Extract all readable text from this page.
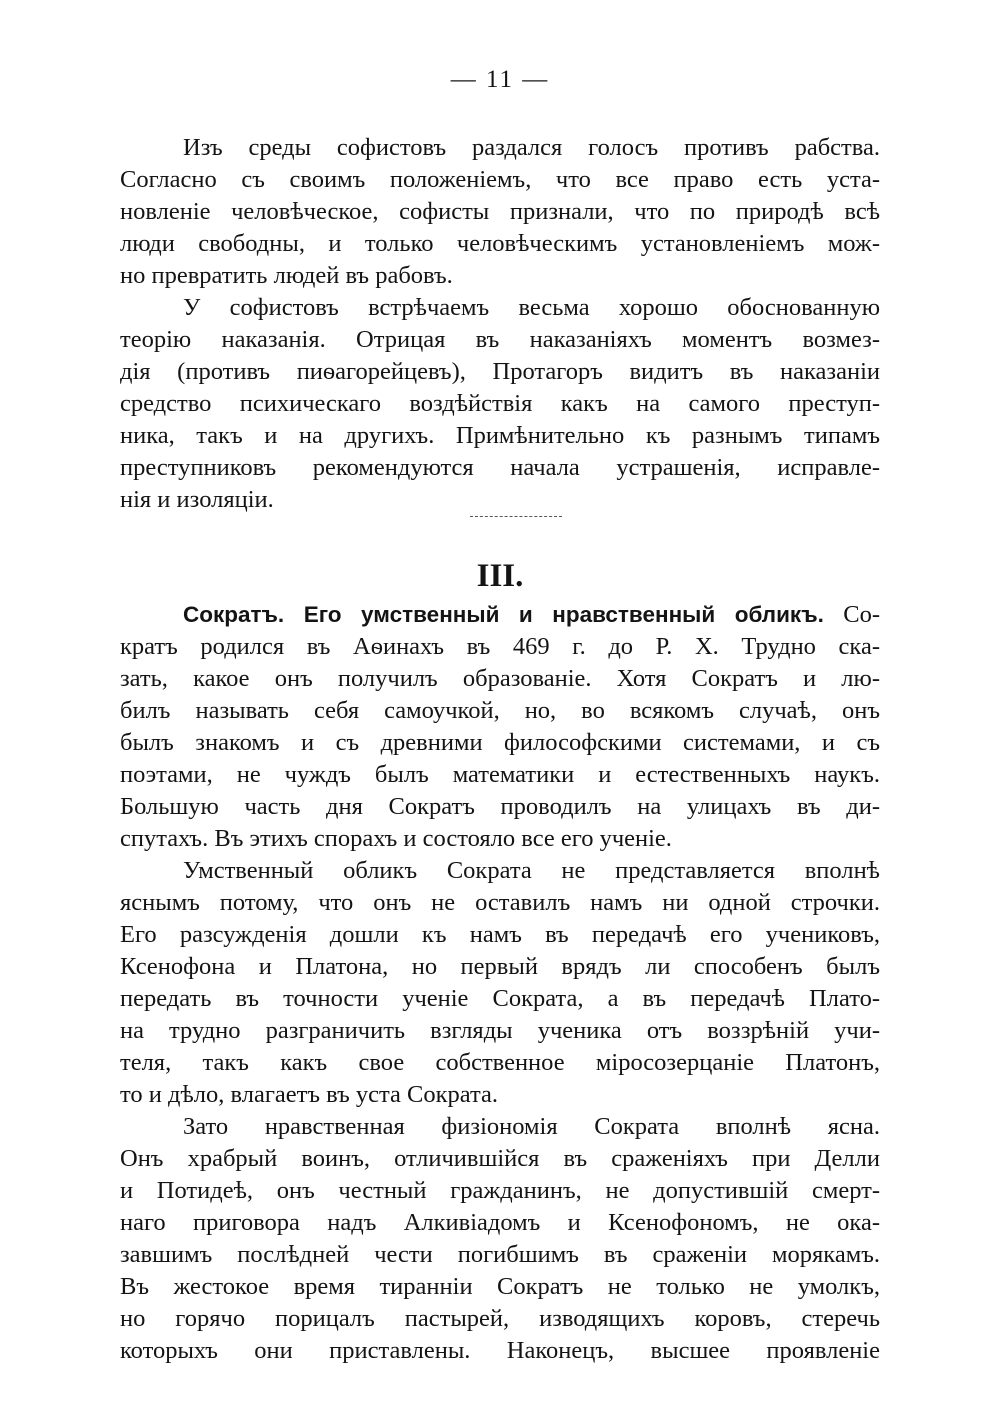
— 11 —
Изъ среды софистовъ раздался голосъ противъ рабства.
Согласно съ своимъ положеніемъ, что все право есть уста-
новленіе человѣческое, софисты признали, что по природѣ всѣ
люди свободны, и только человѣческимъ установленіемъ мож-
но превратить людей въ рабовъ.
У софистовъ встрѣчаемъ весьма хорошо обоснованную
теорію наказанія. Отрицая въ наказаніяхъ моментъ возмез-
дія (противъ пиѳагорейцевъ), Протагоръ видитъ въ наказаніи
средство психическаго воздѣйствія какъ на самого преступ-
ника, такъ и на другихъ. Примѣнительно къ разнымъ типамъ
преступниковъ рекомендуются начала устрашенія, исправле-
нія и изоляціи.
III.
Сократъ. Его умственный и нравственный обликъ. Со-
кратъ родился въ Аѳинахъ въ 469 г. до Р. Х. Трудно ска-
зать, какое онъ получилъ образованіе. Хотя Сократъ и лю-
билъ называть себя самоучкой, но, во всякомъ случаѣ, онъ
былъ знакомъ и съ древними философскими системами, и съ
поэтами, не чуждъ былъ математики и естественныхъ наукъ.
Большую часть дня Сократъ проводилъ на улицахъ въ ди-
спутахъ. Въ этихъ спорахъ и состояло все его ученіе.
Умственный обликъ Сократа не представляется вполнѣ
яснымъ потому, что онъ не оставилъ намъ ни одной строчки.
Его разсужденія дошли къ намъ въ передачѣ его учениковъ,
Ксенофона и Платона, но первый врядъ ли способенъ былъ
передать въ точности ученіе Сократа, а въ передачѣ Плато-
на трудно разграничить взгляды ученика отъ воззрѣній учи-
теля, такъ какъ свое собственное міросозерцаніе Платонъ,
то и дѣло, влагаетъ въ уста Сократа.
Зато нравственная физіономія Сократа вполнѣ ясна.
Онъ храбрый воинъ, отличившійся въ сраженіяхъ при Делли
и Потидеѣ, онъ честный гражданинъ, не допустившій смерт-
наго приговора надъ Алкивіадомъ и Ксенофономъ, не ока-
завшимъ послѣдней чести погибшимъ въ сраженіи морякамъ.
Въ жестокое время тиранніи Сократъ не только не умолкъ,
но горячо порицалъ пастырей, изводящихъ коровъ, стеречь
которыхъ они приставлены. Наконецъ, высшее проявленіе
